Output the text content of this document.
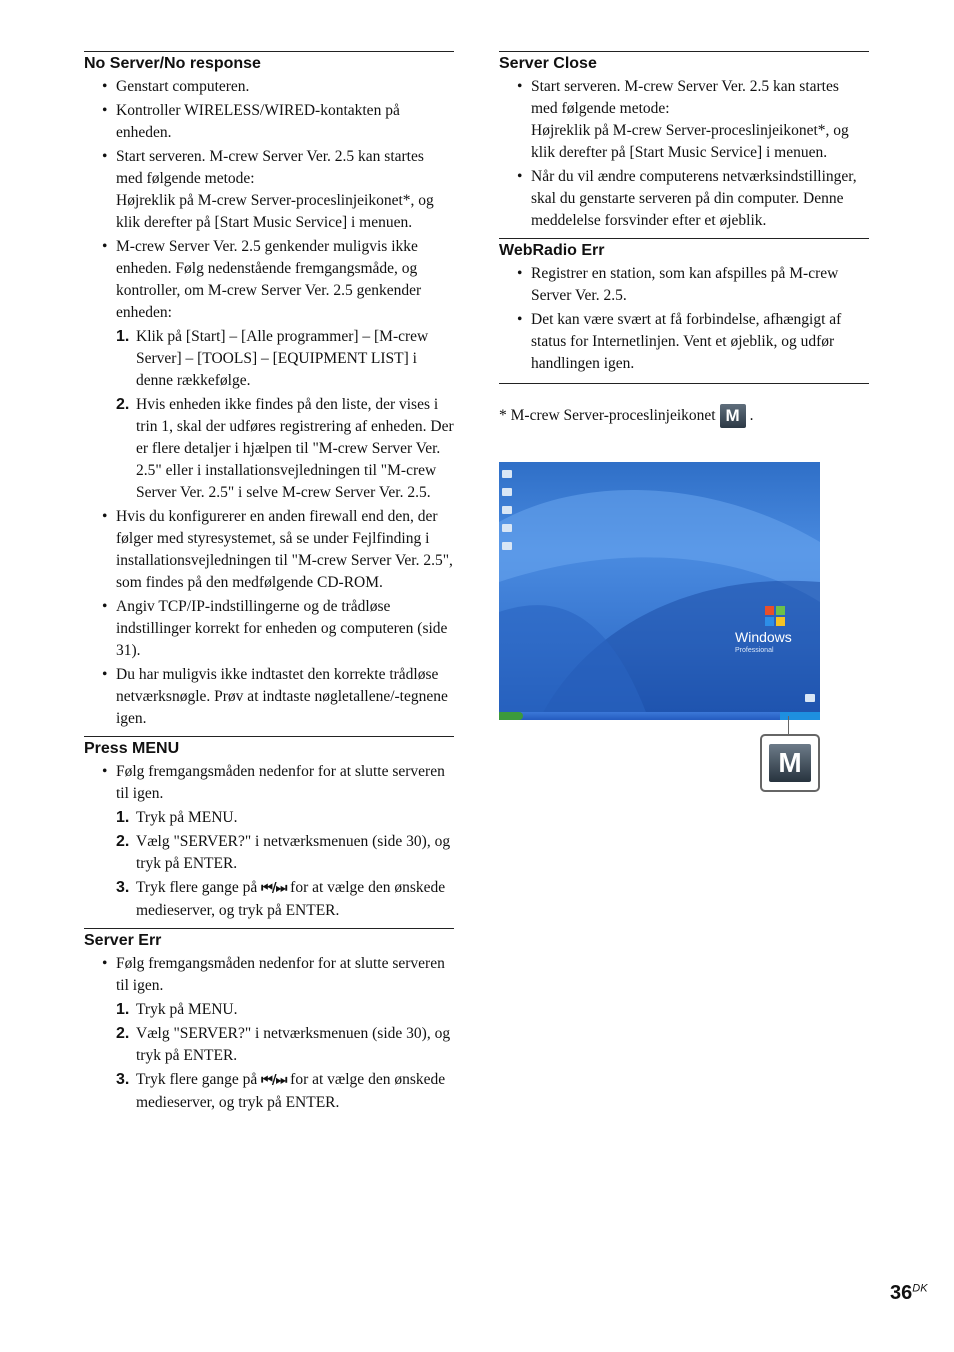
No Server/No response
• Genstart computeren.
• Kontroller WIRELESS/WIRED-kontakten på enheden.
• Start serveren. M-crew Server Ver. 2.5 kan startes med følgende metode:
Højreklik på M-crew Server-proceslinjeikonet*, og klik derefter på [Start Music Service] i menuen.
• M-crew Server Ver. 2.5 genkender muligvis ikke enheden. Følg nedenstående fremgangsmåde, og kontroller, om M-crew Server Ver. 2.5 genkender enheden:
1. Klik på [Start] – [Alle programmer] – [M-crew Server] – [TOOLS] – [EQUIPMENT LIST] i denne rækkefølge.
2. Hvis enheden ikke findes på den liste, der vises i trin 1, skal der udføres registrering af enheden. Der er flere detaljer i hjælpen til "M-crew Server Ver. 2.5" eller i installationsvejledningen til "M-crew Server Ver. 2.5" i selve M-crew Server Ver. 2.5.
• Hvis du konfigurerer en anden firewall end den, der følger med styresystemet, så se under Fejlfinding i installationsvejledningen til "M-crew Server Ver. 2.5", som findes på den medfølgende CD-ROM.
• Angiv TCP/IP-indstillingerne og de trådløse indstillinger korrekt for enheden og computeren (side 31).
• Du har muligvis ikke indtastet den korrekte trådløse netværksnøgle. Prøv at indtaste nøgletallene/-tegnene igen.
Press MENU
• Følg fremgangsmåden nedenfor for at slutte serveren til igen.
1. Tryk på MENU.
2. Vælg "SERVER?" i netværksmenuen (side 30), og tryk på ENTER.
3. Tryk flere gange på ⏮/⏭ for at vælge den ønskede medieserver, og tryk på ENTER.
Server Err
• Følg fremgangsmåden nedenfor for at slutte serveren til igen.
1. Tryk på MENU.
2. Vælg "SERVER?" i netværksmenuen (side 30), og tryk på ENTER.
3. Tryk flere gange på ⏮/⏭ for at vælge den ønskede medieserver, og tryk på ENTER.
Server Close
• Start serveren. M-crew Server Ver. 2.5 kan startes med følgende metode:
Højreklik på M-crew Server-proceslinjeikonet*, og klik derefter på [Start Music Service] i menuen.
• Når du vil ændre computerens netværksindstillinger, skal du genstarte serveren på din computer. Denne meddelelse forsvinder efter et øjeblik.
WebRadio Err
• Registrer en station, som kan afspilles på M-crew Server Ver. 2.5.
• Det kan være svært at få forbindelse, afhængigt af status for Internetlinjen. Vent et øjeblik, og udfør handlingen igen.
* M-crew Server-proceslinjeikonet M .
Windows
Professional
M
$36^{DK}$
